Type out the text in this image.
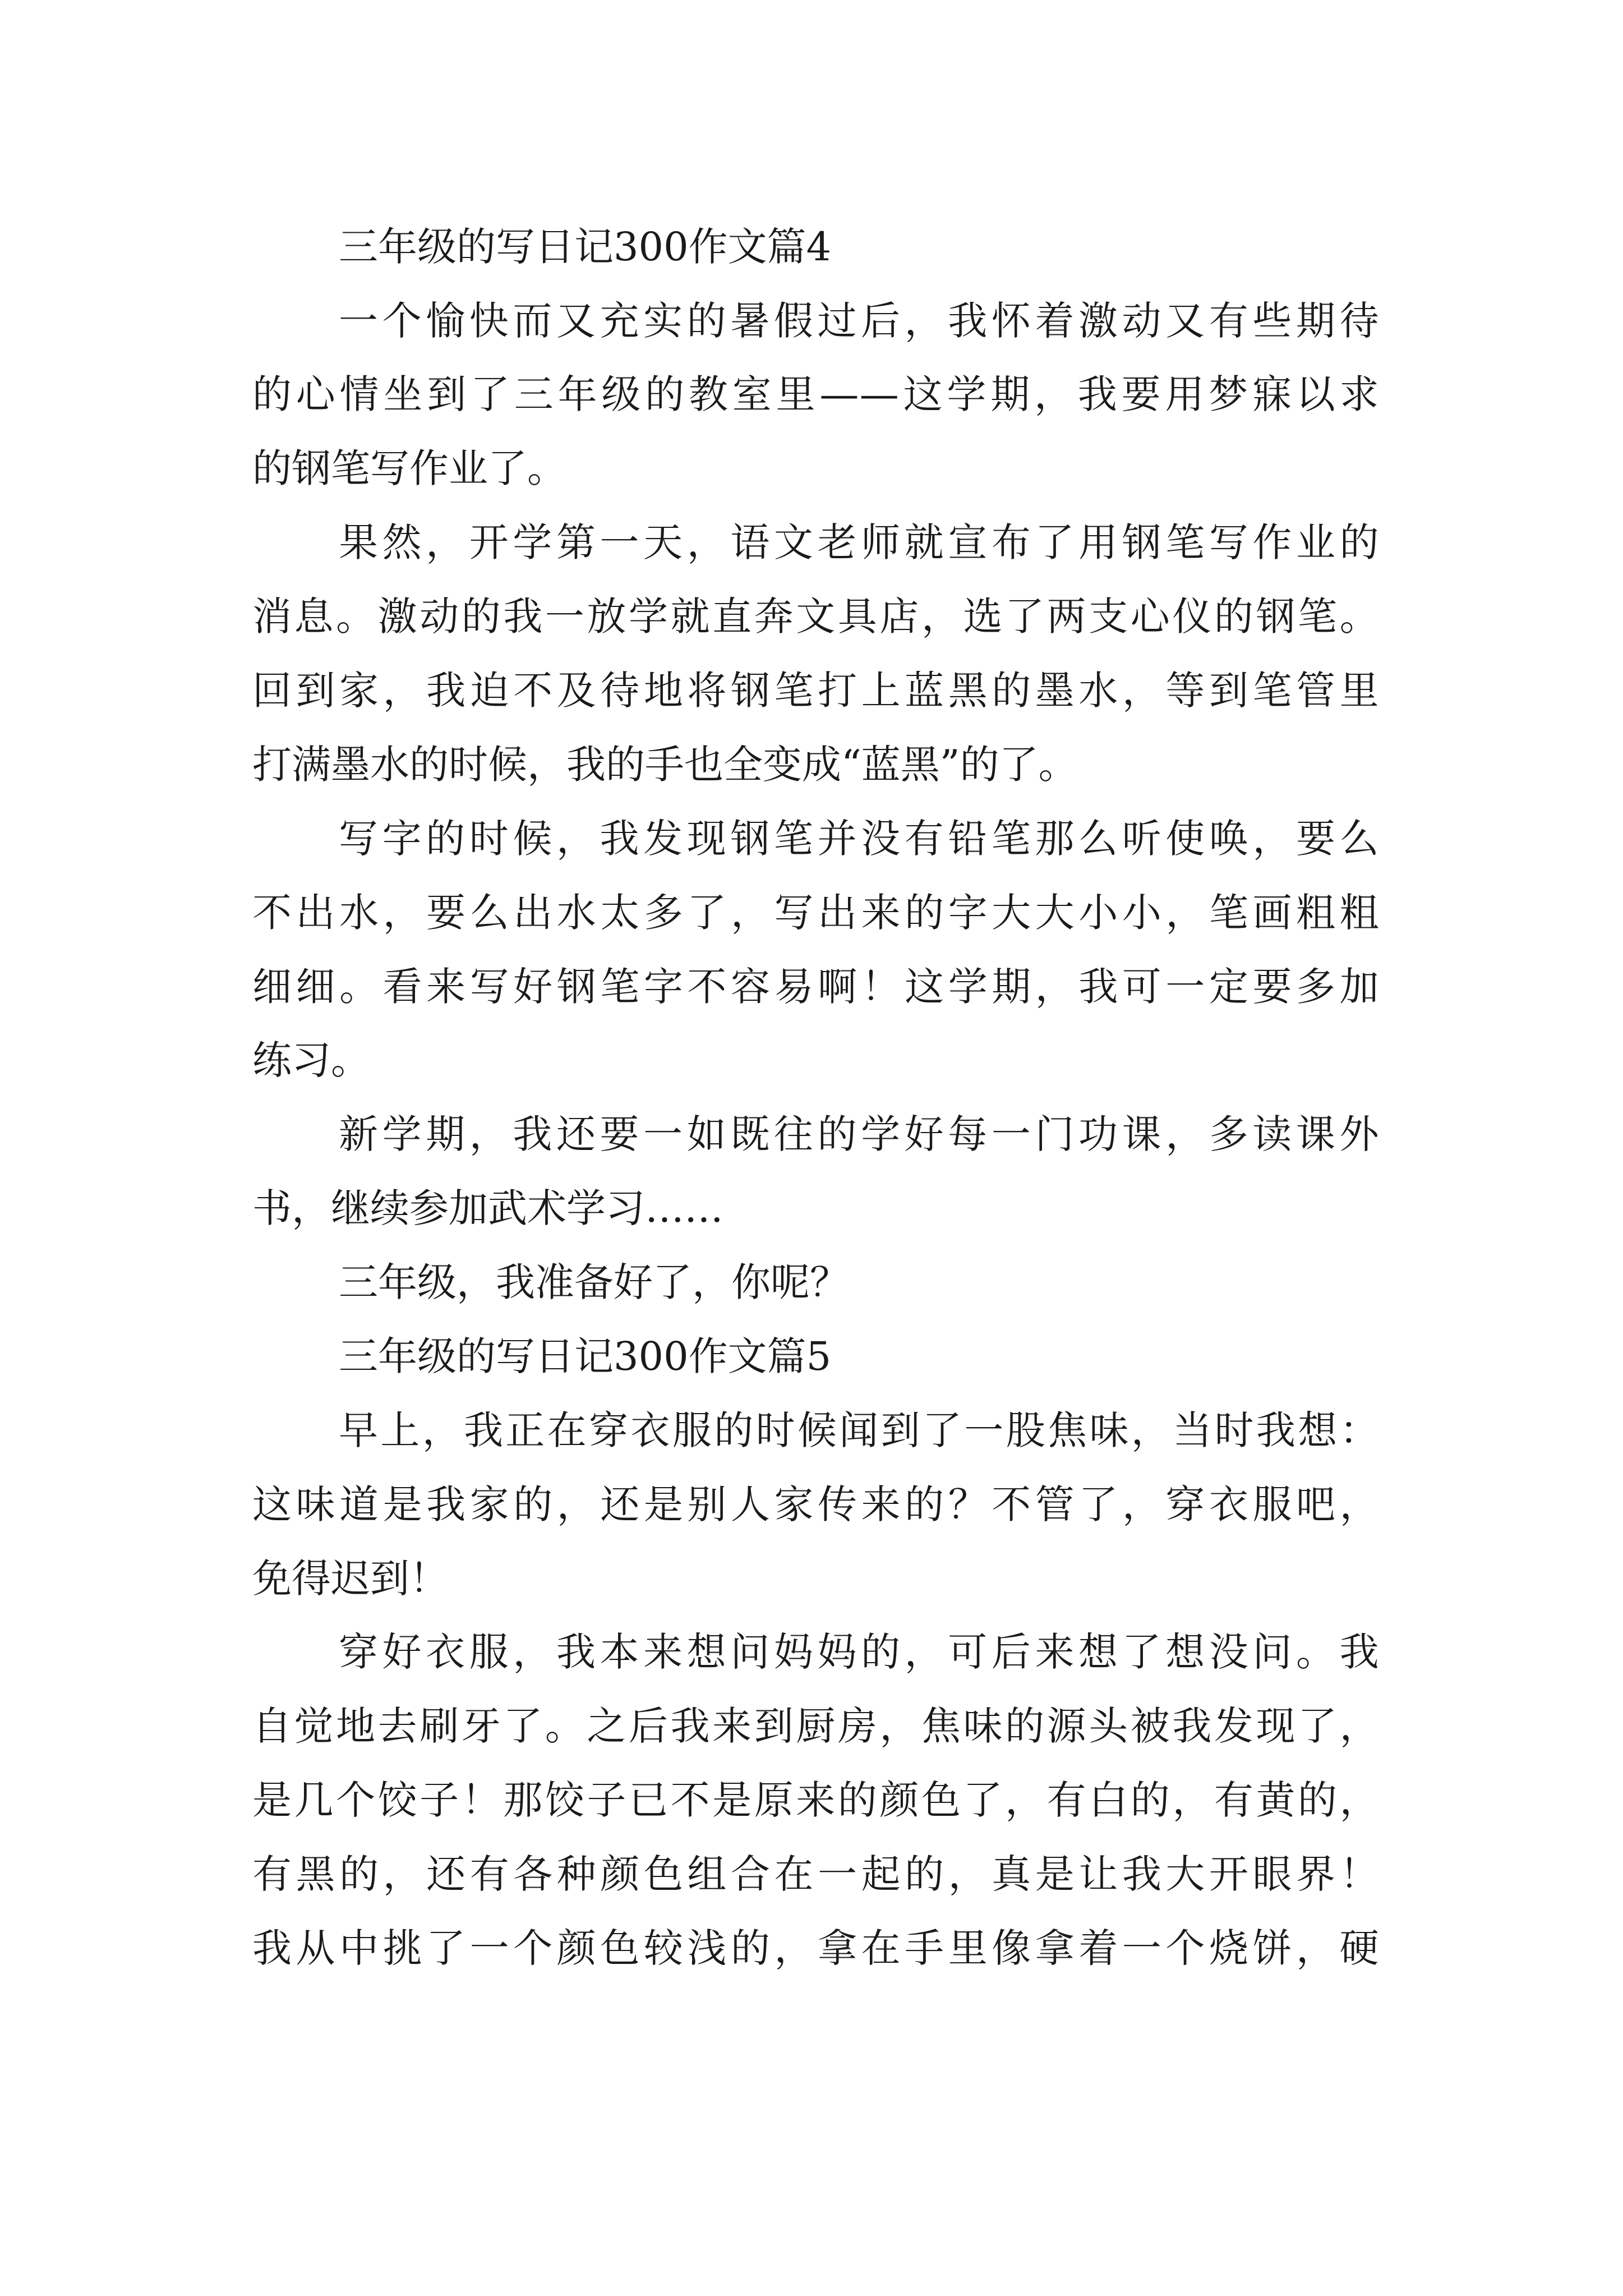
三年级的写日记300作文篇4
一个愉快而又充实的暑假过后，我怀着激动又有些期待
的心情坐到了三年级的教室里——这学期，我要用梦寐以求
的钢笔写作业了。
果然，开学第一天，语文老师就宣布了用钢笔写作业的
消息。激动的我一放学就直奔文具店，选了两支心仪的钢笔。
回到家，我迫不及待地将钢笔打上蓝黑的墨水，等到笔管里
打满墨水的时候，我的手也全变成“蓝黑”的了。
写字的时候，我发现钢笔并没有铅笔那么听使唤，要么
不出水，要么出水太多了，写出来的字大大小小，笔画粗粗
细细。看来写好钢笔字不容易啊！这学期，我可一定要多加
练习。
新学期，我还要一如既往的学好每一门功课，多读课外
书，继续参加武术学习……
三年级，我准备好了，你呢？
三年级的写日记300作文篇5
早上，我正在穿衣服的时候闻到了一股焦味，当时我想：
这味道是我家的，还是别人家传来的？不管了，穿衣服吧，
免得迟到！
穿好衣服，我本来想问妈妈的，可后来想了想没问。我
自觉地去刷牙了。之后我来到厨房，焦味的源头被我发现了，
是几个饺子！那饺子已不是原来的颜色了，有白的，有黄的，
有黑的，还有各种颜色组合在一起的，真是让我大开眼界！
我从中挑了一个颜色较浅的，拿在手里像拿着一个烧饼，硬
